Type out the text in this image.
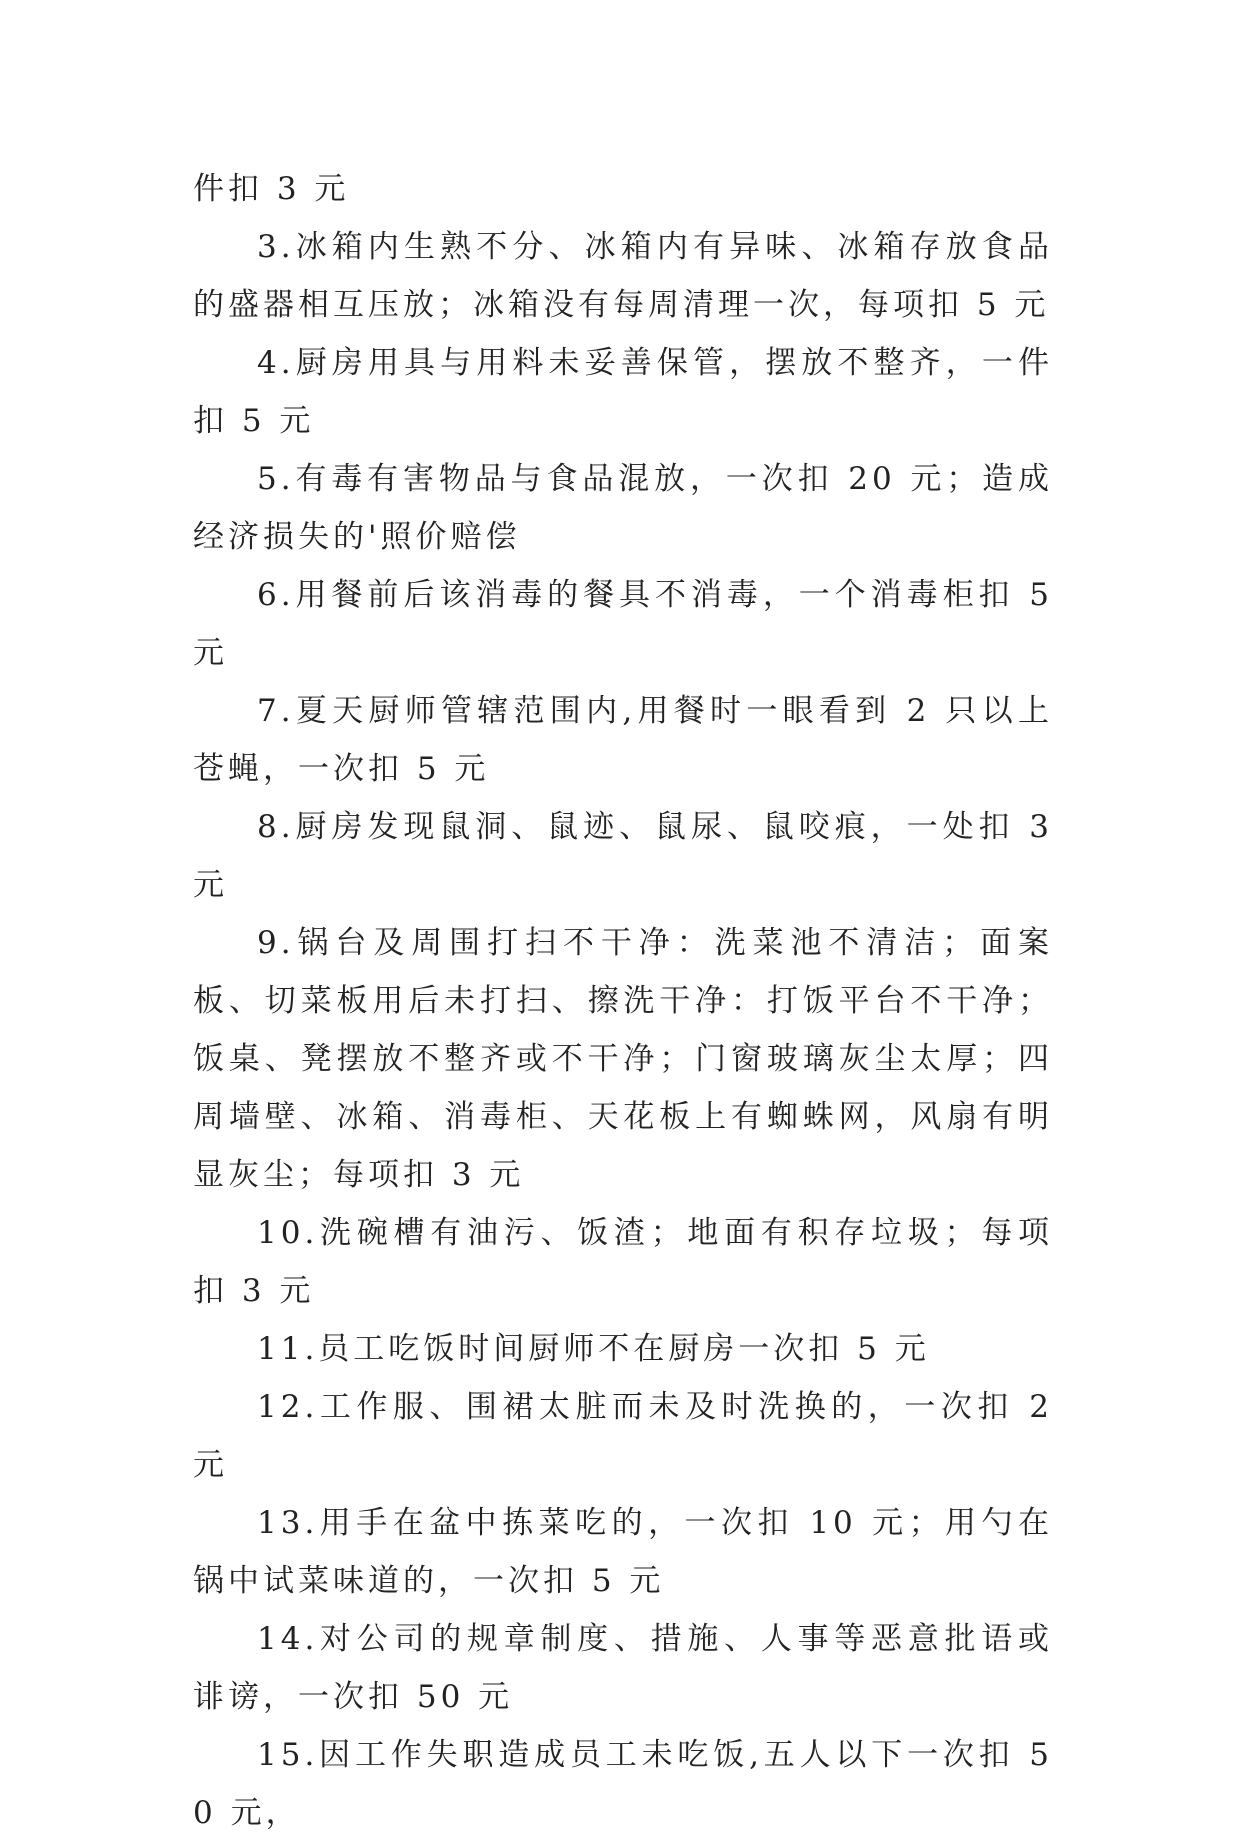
件扣 3 元

3.冰箱内生熟不分、冰箱内有异味、冰箱存放食品的盛器相互压放；冰箱没有每周清理一次，每项扣 5 元

4.厨房用具与用料未妥善保管，摆放不整齐，一件扣 5 元

5.有毒有害物品与食品混放，一次扣 20 元；造成经济损失的'照价赔偿

6.用餐前后该消毒的餐具不消毒，一个消毒柜扣 5 元

7.夏天厨师管辖范围内,用餐时一眼看到 2 只以上苍蝇，一次扣 5 元

8.厨房发现鼠洞、鼠迹、鼠尿、鼠咬痕，一处扣 3 元

9.锅台及周围打扫不干净：洗菜池不清洁；面案板、切菜板用后未打扫、擦洗干净：打饭平台不干净；饭桌、凳摆放不整齐或不干净；门窗玻璃灰尘太厚；四周墙壁、冰箱、消毒柜、天花板上有蜘蛛网，风扇有明显灰尘；每项扣 3 元

10.洗碗槽有油污、饭渣；地面有积存垃圾；每项扣 3 元

11.员工吃饭时间厨师不在厨房一次扣 5 元

12.工作服、围裙太脏而未及时洗换的，一次扣 2 元

13.用手在盆中拣菜吃的，一次扣 10 元；用勺在锅中试菜味道的，一次扣 5 元

14.对公司的规章制度、措施、人事等恶意批语或诽谤，一次扣 50 元

15.因工作失职造成员工未吃饭,五人以下一次扣 50 元，
